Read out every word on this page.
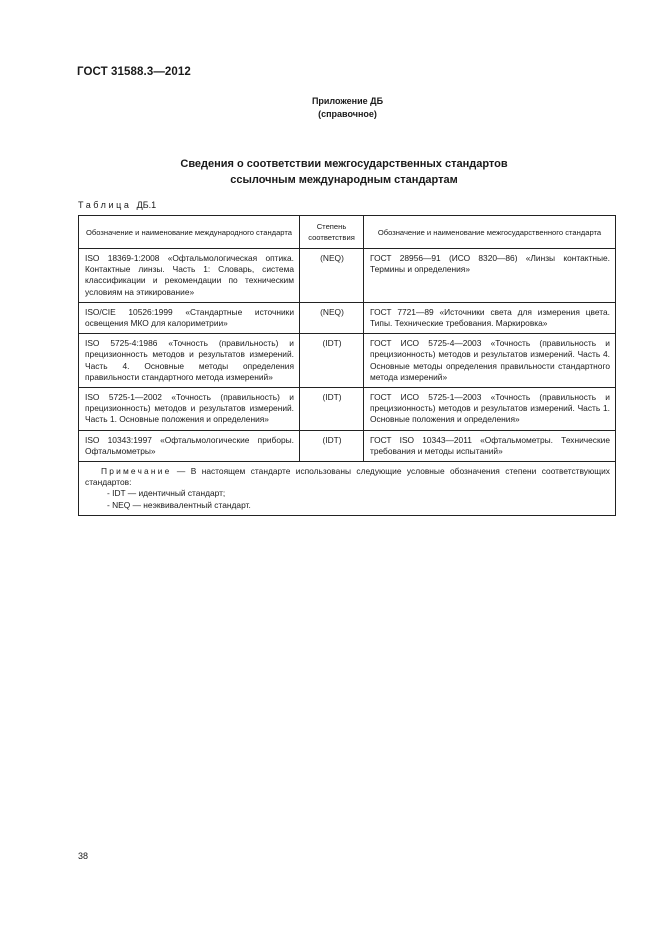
ГОСТ 31588.3—2012
Приложение ДБ
(справочное)
Сведения о соответствии межгосударственных стандартов
ссылочным международным стандартам
Таблица ДБ.1
Обозначение и наименование международного стандарта	Степень соответствия	Обозначение и наименование межгосударственного стандарта
ISO 18369-1:2008 «Офтальмологическая оптика. Контактные линзы. Часть 1: Словарь, система классификации и рекомендации по техническим условиям на этикирование»	(NEQ)	ГОСТ 28956—91 (ИСО 8320—86) «Линзы контактные. Термины и определения»
ISO/CIE 10526:1999 «Стандартные источники освещения МКО для калориметрии»	(NEQ)	ГОСТ 7721—89 «Источники света для измерения цвета. Типы. Технические требования. Маркировка»
ISO 5725-4:1986 «Точность (правильность) и прецизионность методов и результатов измерений. Часть 4. Основные методы определения правильности стандартного метода измерений»	(IDT)	ГОСТ ИСО 5725-4—2003 «Точность (правильность и прецизионность) методов и результатов измерений. Часть 4. Основные методы определения правильности стандартного метода измерений»
ISO 5725-1—2002 «Точность (правильность) и прецизионность) методов и результатов измерений. Часть 1. Основные положения и определения»	(IDT)	ГОСТ ИСО 5725-1—2003 «Точность (правильность и прецизионность) методов и результатов измерений. Часть 1. Основные положения и определения»
ISO 10343:1997 «Офтальмологические приборы. Офтальмометры»	(IDT)	ГОСТ ISO 10343—2011 «Офтальмометры. Технические требования и методы испытаний»

Примечание — В настоящем стандарте использованы следующие условные обозначения степени соответствующих стандартов:
- IDT — идентичный стандарт;
- NEQ — неэквивалентный стандарт.		
38
